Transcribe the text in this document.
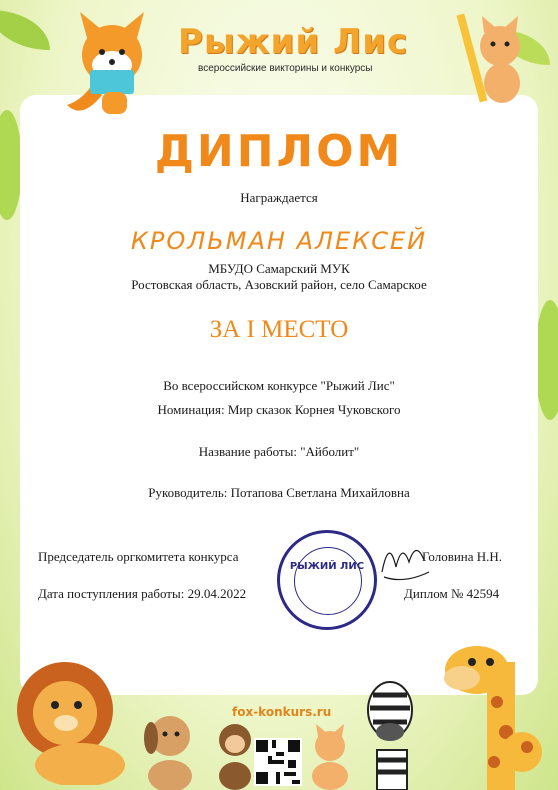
Рыжий Лис
всероссийские викторины и конкурсы
ДИПЛОМ
Награждается
КРОЛЬМАН АЛЕКСЕЙ
МБУДО Самарский МУК
Ростовская область, Азовский район, село Самарское
ЗА I МЕСТО
Во всероссийском конкурсе "Рыжий Лис"
Номинация: Мир сказок Корнея Чуковского
Название работы: "Айболит"
Руководитель: Потапова Светлана Михайловна
Председатель оргкомитета конкурса	Головина Н.Н.
Дата поступления работы: 29.04.2022	Диплом № 42594
РЫЖИЙ ЛИС
fox-konkurs.ru
